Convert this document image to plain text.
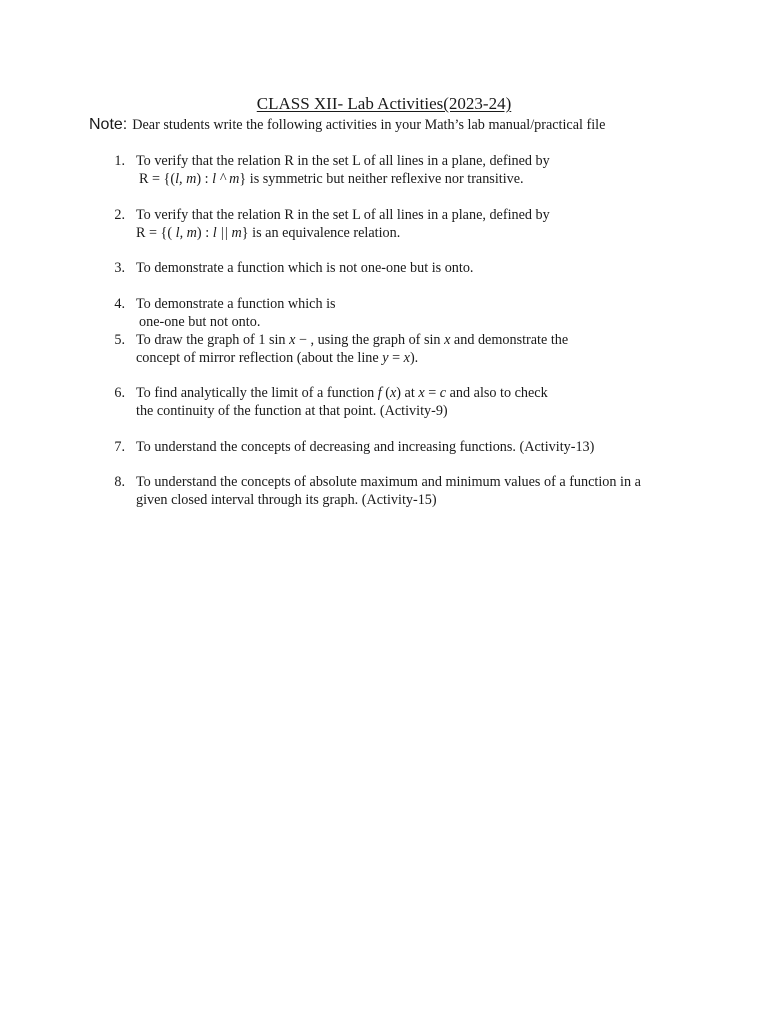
CLASS XII- Lab Activities(2023-24)
Note: Dear students write the following activities in your Math’s lab manual/practical file
1. To verify that the relation R in the set L of all lines in a plane, defined by
R = {(l, m) : l ^ m} is symmetric but neither reflexive nor transitive.
2. To verify that the relation R in the set L of all lines in a plane, defined by
R = {( l, m) : l || m} is an equivalence relation.
3. To demonstrate a function which is not one-one but is onto.
4. To demonstrate a function which is
one-one but not onto.
5. To draw the graph of 1 sin x − , using the graph of sin x and demonstrate the
concept of mirror reflection (about the line y = x).
6. To find analytically the limit of a function f (x) at x = c and also to check
the continuity of the function at that point. (Activity-9)
7. To understand the concepts of decreasing and increasing functions. (Activity-13)
8. To understand the concepts of absolute maximum and minimum values of a function in a
given closed interval through its graph. (Activity-15)
